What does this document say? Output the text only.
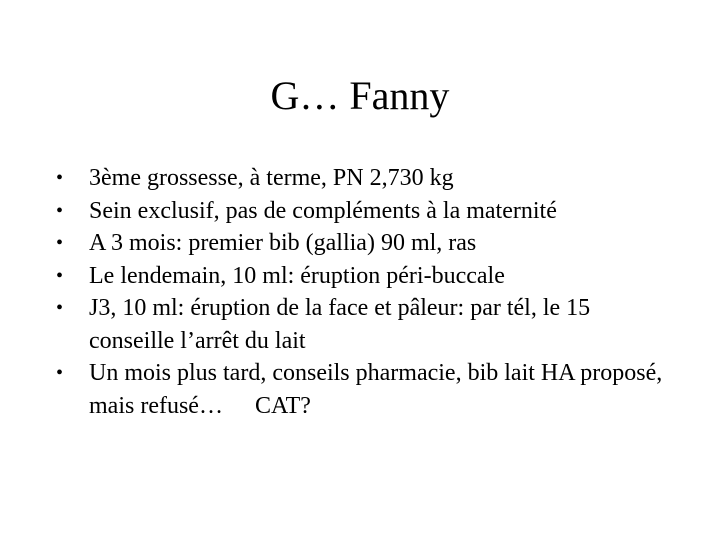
G… Fanny
•	3ème grossesse, à terme, PN 2,730 kg
•	Sein exclusif, pas de compléments à la maternité
•	A 3 mois: premier bib (gallia) 90 ml, ras
•	Le lendemain, 10 ml: éruption péri-buccale
•	J3, 10 ml: éruption de la face et pâleur: par tél, le 15 conseille l’arrêt du lait
•	Un mois plus tard, conseils pharmacie, bib lait HA proposé, mais refusé… CAT?
